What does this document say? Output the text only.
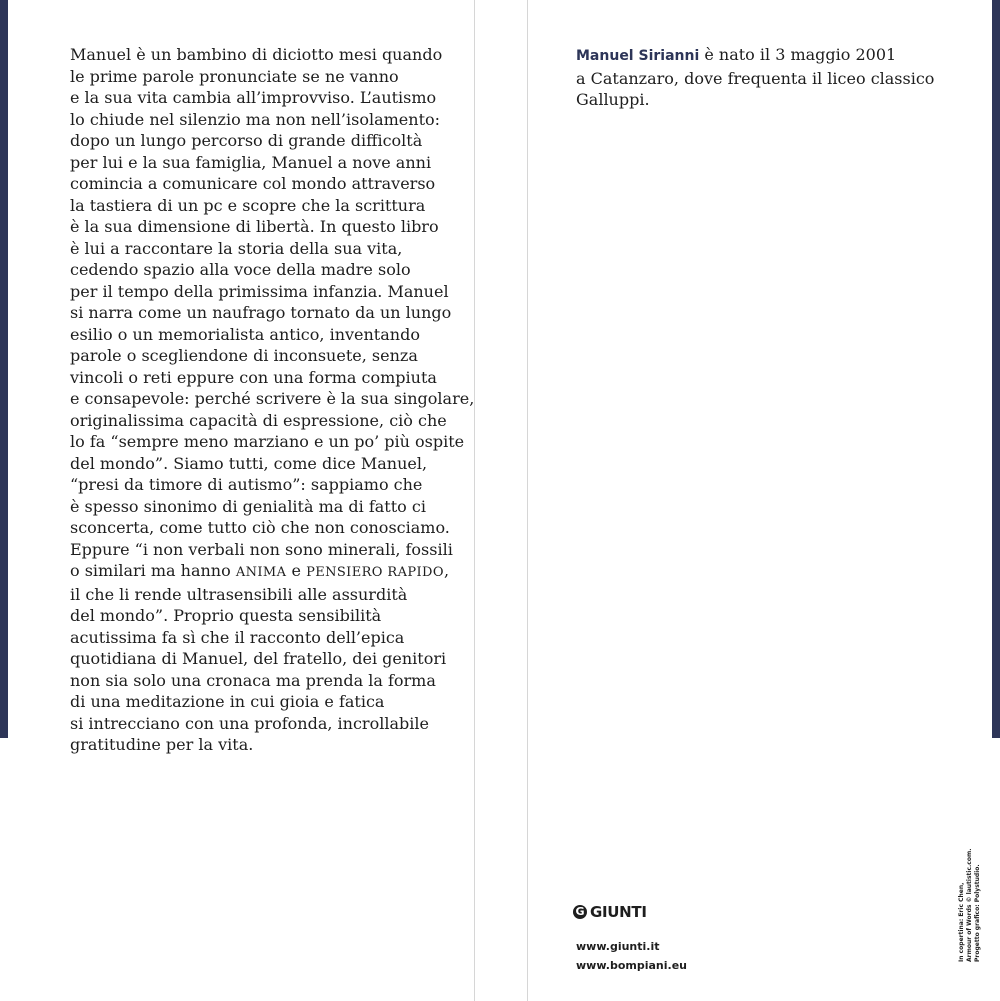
Manuel è un bambino di diciotto mesi quando
le prime parole pronunciate se ne vanno
e la sua vita cambia all’improvviso. L’autismo
lo chiude nel silenzio ma non nell’isolamento:
dopo un lungo percorso di grande difficoltà
per lui e la sua famiglia, Manuel a nove anni
comincia a comunicare col mondo attraverso
la tastiera di un pc e scopre che la scrittura
è la sua dimensione di libertà. In questo libro
è lui a raccontare la storia della sua vita,
cedendo spazio alla voce della madre solo
per il tempo della primissima infanzia. Manuel
si narra come un naufrago tornato da un lungo
esilio o un memorialista antico, inventando
parole o scegliendone di inconsuete, senza
vincoli o reti eppure con una forma compiuta
e consapevole: perché scrivere è la sua singolare,
originalissima capacità di espressione, ciò che
lo fa “sempre meno marziano e un po’ più ospite
del mondo”. Siamo tutti, come dice Manuel,
“presi da timore di autismo”: sappiamo che
è spesso sinonimo di genialità ma di fatto ci
sconcerta, come tutto ciò che non conosciamo.
Eppure “i non verbali non sono minerali, fossili
o similari ma hanno ANIMA e PENSIERO RAPIDO,
il che li rende ultrasensibili alle assurdità
del mondo”. Proprio questa sensibilità
acutissima fa sì che il racconto dell’epica
quotidiana di Manuel, del fratello, dei genitori
non sia solo una cronaca ma prenda la forma
di una meditazione in cui gioia e fatica
si intrecciano con una profonda, incrollabile
gratitudine per la vita.

Manuel Sirianni è nato il 3 maggio 2001
a Catanzaro, dove frequenta il liceo classico
Galluppi.

G GIUNTI
www.giunti.it
www.bompiani.eu
In copertina: Eric Chen, Armour of Words © lautistic.com. Progetto grafico: Polystudio.
